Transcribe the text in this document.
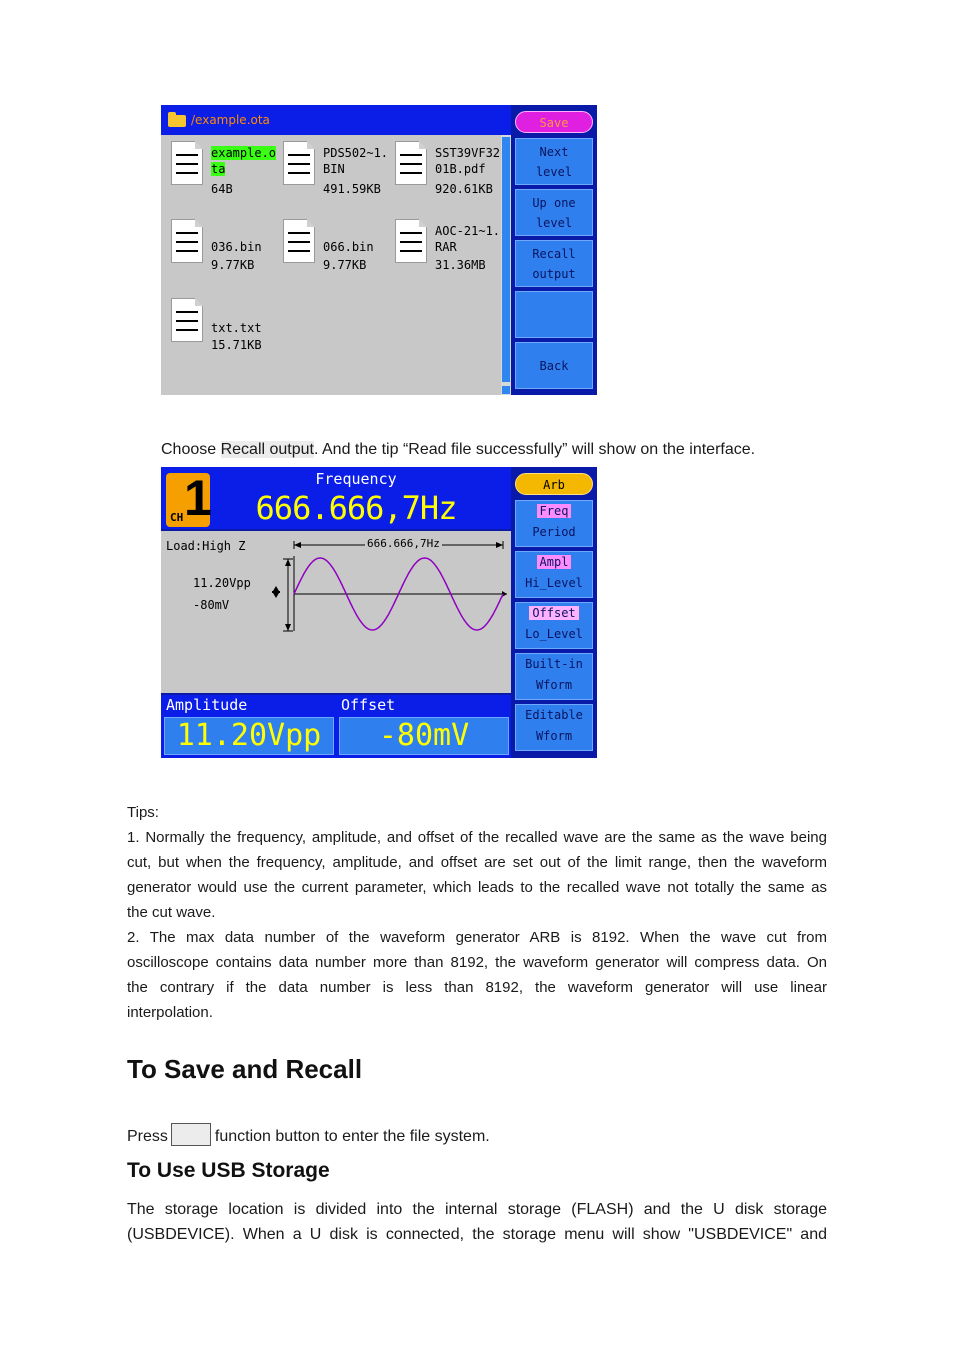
/example.ota
example.o
ta
64B
PDS502~1.
BIN
491.59KB
SST39VF32
01B.pdf
920.61KB
036.bin
9.77KB
066.bin
9.77KB
AOC-21~1.
RAR
31.36MB
txt.txt
15.71KB
Save
Next
level
Up one
level
Recall
output
Back
Choose Recall output. And the tip “Read file successfully” will show on the interface.
CH 1	Frequency
666.666,7Hz
Load:High Z
11.20Vpp
-80mV
666.666,7Hz
Amplitude
11.20Vpp
Offset
-80mV
Arb
Freq
Period
Ampl
Hi_Level
Offset
Lo_Level
Built-in
Wform
Editable
Wform
Tips:
1. Normally the frequency, amplitude, and offset of the recalled wave are the same as the wave being
cut, but when the frequency, amplitude, and offset are set out of the limit range, then the waveform
generator would use the current parameter, which leads to the recalled wave not totally the same as
the cut wave.
2. The max data number of the waveform generator ARB is 8192. When the wave cut from
oscilloscope contains data number more than 8192, the waveform generator will compress data. On
the contrary if the data number is less than 8192, the waveform generator will use linear
interpolation.
To Save and Recall
Press	function button to enter the file system.
To Use USB Storage
The storage location is divided into the internal storage (FLASH) and the U disk storage
(USBDEVICE). When a U disk is connected, the storage menu will show "USBDEVICE" and
